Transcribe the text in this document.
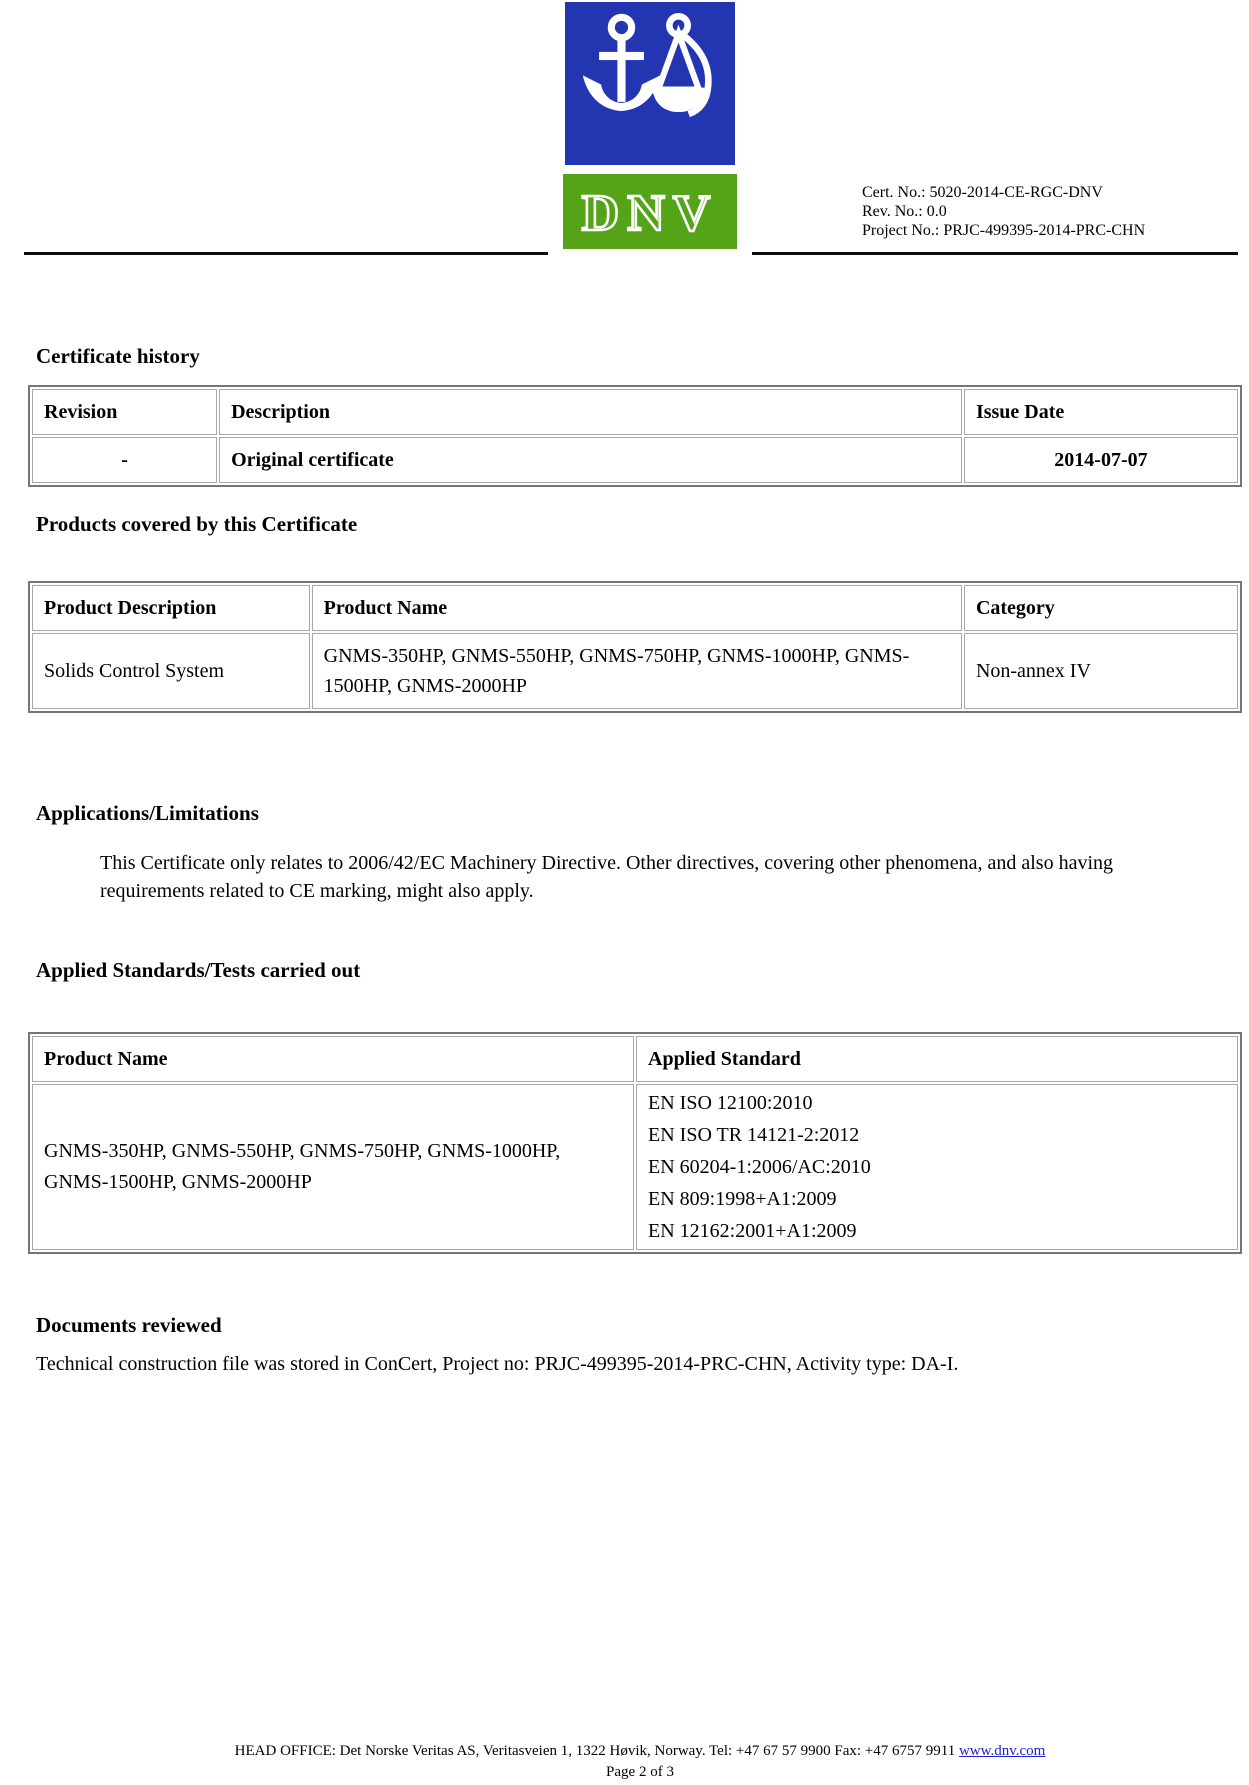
DNV	Cert. No.: 5020-2014-CE-RGC-DNV
Rev. No.: 0.0
Project No.: PRJC-499395-2014-PRC-CHN
Certificate history
Revision	Description	Issue Date
-	Original certificate	2014-07-07
Products covered by this Certificate
Product Description	Product Name	Category
Solids Control System	GNMS-350HP, GNMS-550HP, GNMS-750HP, GNMS-1000HP, GNMS-1500HP, GNMS-2000HP	Non-annex IV
Applications/Limitations
This Certificate only relates to 2006/42/EC Machinery Directive. Other directives, covering other phenomena, and also having requirements related to CE marking, might also apply.
Applied Standards/Tests carried out
Product Name	Applied Standard
GNMS-350HP, GNMS-550HP, GNMS-750HP, GNMS-1000HP, GNMS-1500HP, GNMS-2000HP	EN ISO 12100:2010
EN ISO TR 14121-2:2012
EN 60204-1:2006/AC:2010
EN 809:1998+A1:2009
EN 12162:2001+A1:2009
Documents reviewed
Technical construction file was stored in ConCert, Project no: PRJC-499395-2014-PRC-CHN, Activity type: DA-I.
HEAD OFFICE: Det Norske Veritas AS, Veritasveien 1, 1322 Høvik, Norway. Tel: +47 67 57 9900 Fax: +47 6757 9911 www.dnv.com
Page 2 of 3
